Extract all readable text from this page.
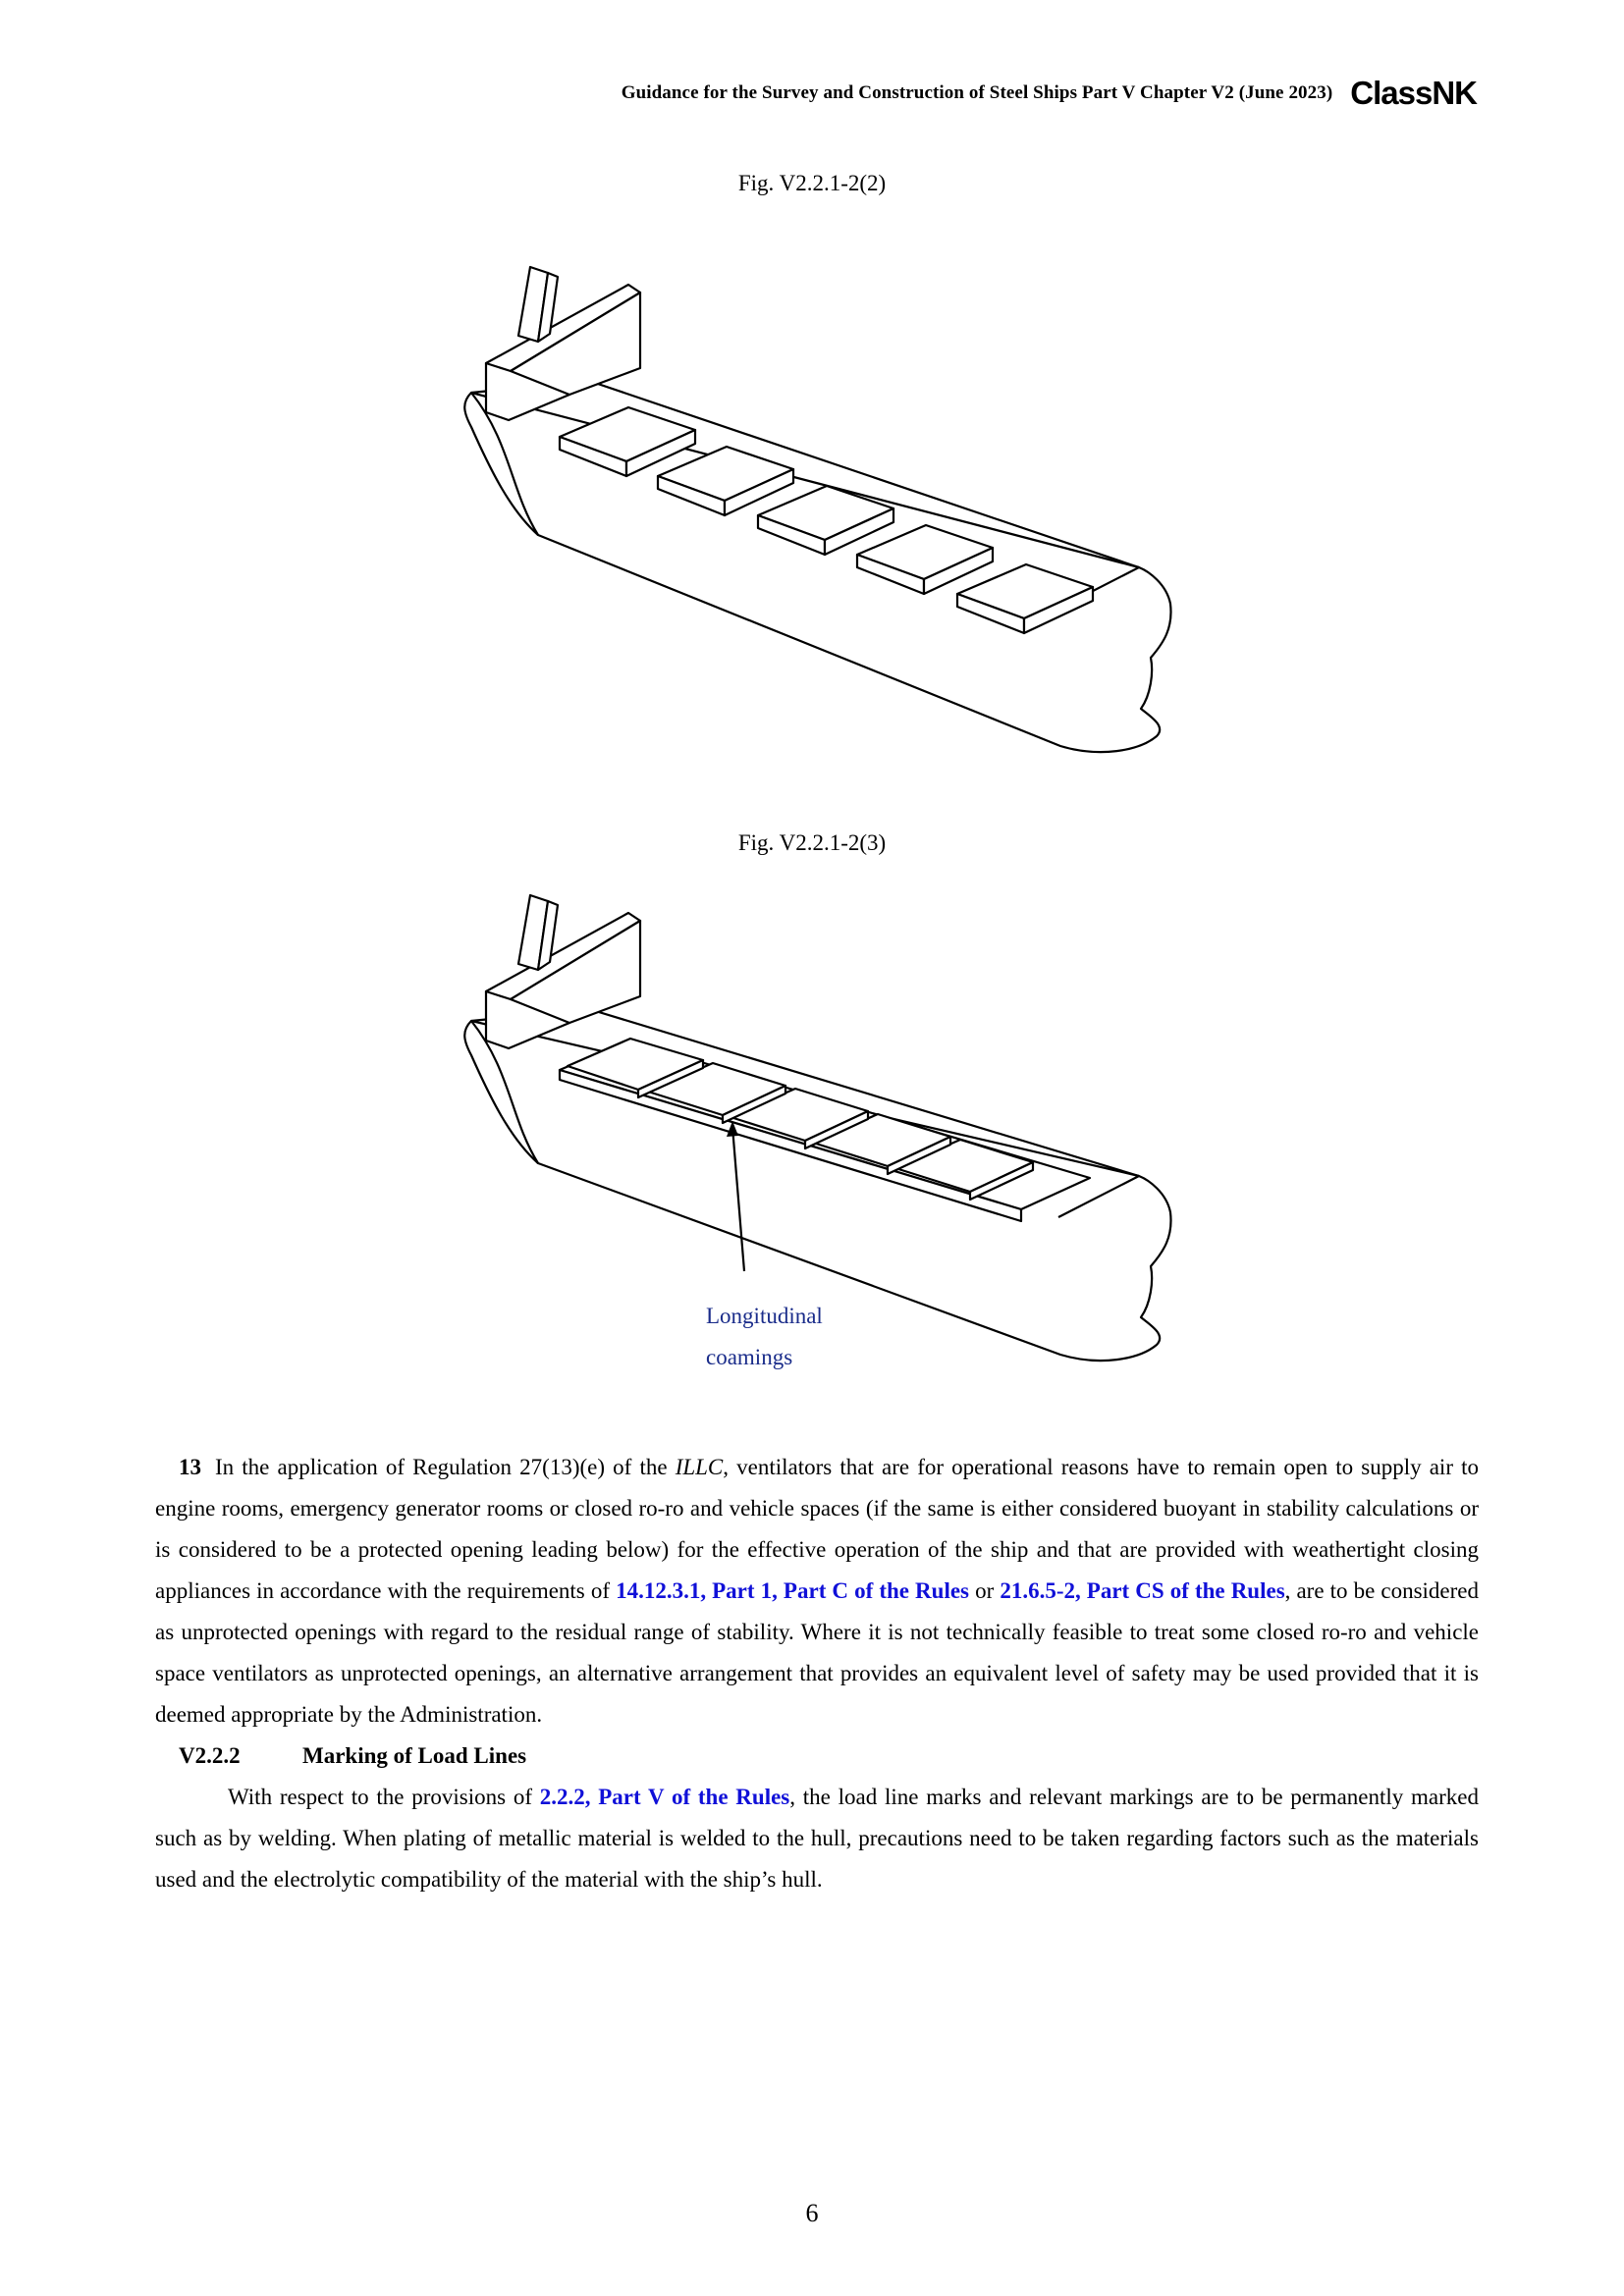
Guidance for the Survey and Construction of Steel Ships Part V Chapter V2 (June 2023) ClassNK
Fig. V2.2.1-2(2)
Fig. V2.2.1-2(3)
Longitudinal
coamings

13 In the application of Regulation 27(13)(e) of the ILLC, ventilators that are for operational reasons have to remain open to supply air to engine rooms, emergency generator rooms or closed ro-ro and vehicle spaces (if the same is either considered buoyant in stability calculations or is considered to be a protected opening leading below) for the effective operation of the ship and that are provided with weathertight closing appliances in accordance with the requirements of 14.12.3.1, Part 1, Part C of the Rules or 21.6.5-2, Part CS of the Rules, are to be considered as unprotected openings with regard to the residual range of stability. Where it is not technically feasible to treat some closed ro-ro and vehicle space ventilators as unprotected openings, an alternative arrangement that provides an equivalent level of safety may be used provided that it is deemed appropriate by the Administration.

V2.2.2	Marking of Load Lines

With respect to the provisions of 2.2.2, Part V of the Rules, the load line marks and relevant markings are to be permanently marked such as by welding. When plating of metallic material is welded to the hull, precautions need to be taken regarding factors such as the materials used and the electrolytic compatibility of the material with the ship’s hull.

6
